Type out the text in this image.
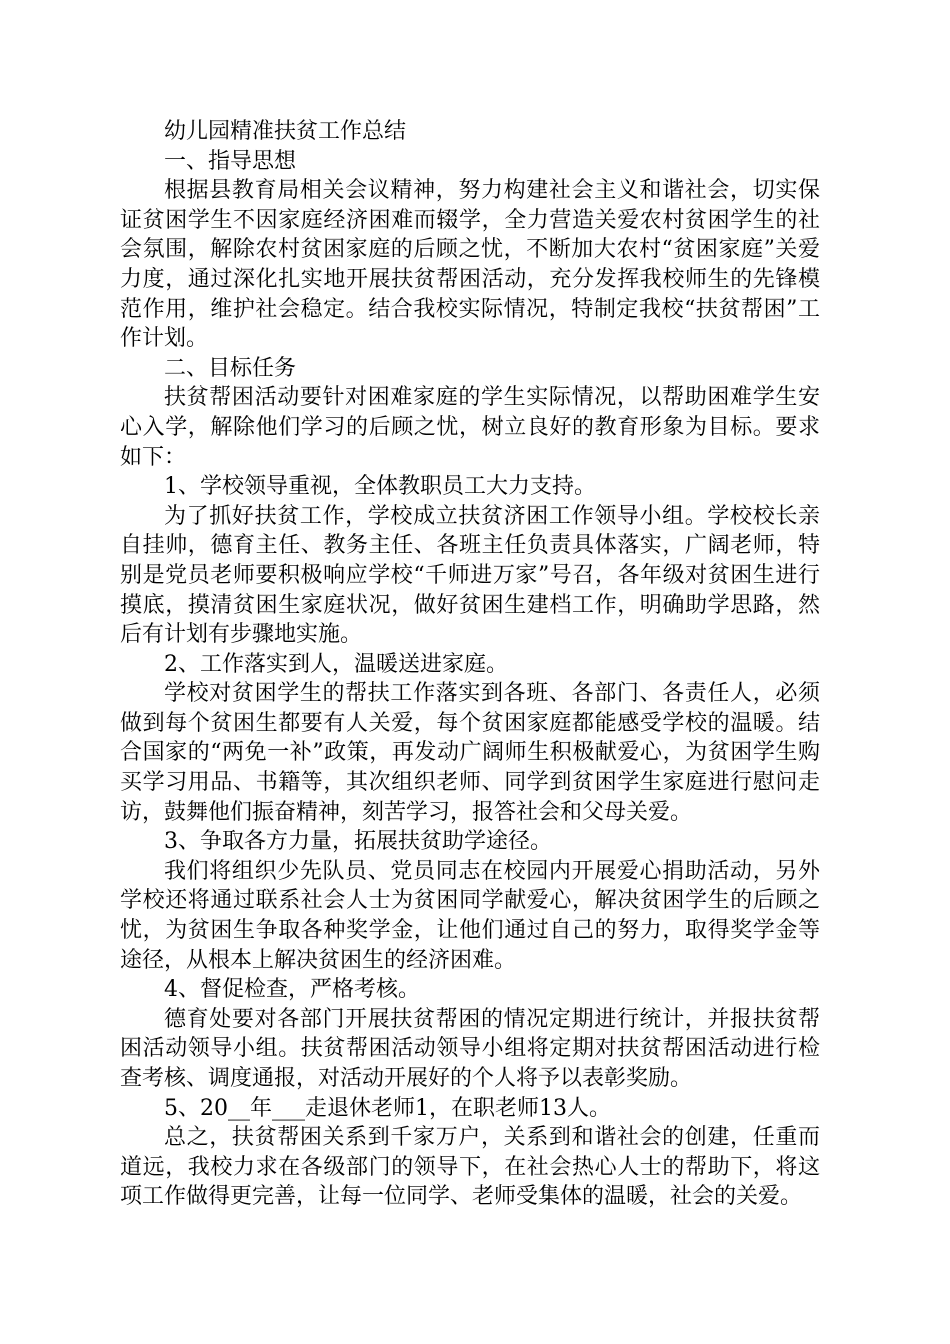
幼儿园精准扶贫工作总结

一、指导思想

根据县教育局相关会议精神，努力构建社会主义和谐社会，切实保证贫困学生不因家庭经济困难而辍学，全力营造关爱农村贫困学生的社会氛围，解除农村贫困家庭的后顾之忧，不断加大农村“贫困家庭”关爱力度，通过深化扎实地开展扶贫帮困活动，充分发挥我校师生的先锋模范作用，维护社会稳定。结合我校实际情况，特制定我校“扶贫帮困”工作计划。

二、目标任务

扶贫帮困活动要针对困难家庭的学生实际情况，以帮助困难学生安心入学，解除他们学习的后顾之忧，树立良好的教育形象为目标。要求如下：

1、学校领导重视，全体教职员工大力支持。

为了抓好扶贫工作，学校成立扶贫济困工作领导小组。学校校长亲自挂帅，德育主任、教务主任、各班主任负责具体落实，广阔老师，特别是党员老师要积极响应学校“千师进万家”号召，各年级对贫困生进行摸底，摸清贫困生家庭状况，做好贫困生建档工作，明确助学思路，然后有计划有步骤地实施。

2、工作落实到人，温暖送进家庭。

学校对贫困学生的帮扶工作落实到各班、各部门、各责任人，必须做到每个贫困生都要有人关爱，每个贫困家庭都能感受学校的温暖。结合国家的“两免一补”政策，再发动广阔师生积极献爱心，为贫困学生购买学习用品、书籍等，其次组织老师、同学到贫困学生家庭进行慰问走访，鼓舞他们振奋精神，刻苦学习，报答社会和父母关爱。

3、争取各方力量，拓展扶贫助学途径。

我们将组织少先队员、党员同志在校园内开展爱心捐助活动，另外学校还将通过联系社会人士为贫困同学献爱心，解决贫困学生的后顾之忧，为贫困生争取各种奖学金，让他们通过自己的努力，取得奖学金等途径，从根本上解决贫困生的经济困难。

4、督促检查，严格考核。

德育处要对各部门开展扶贫帮困的情况定期进行统计，并报扶贫帮困活动领导小组。扶贫帮困活动领导小组将定期对扶贫帮困活动进行检查考核、调度通报，对活动开展好的个人将予以表彰奖励。

5、20__年___走退休老师1，在职老师13人。

总之，扶贫帮困关系到千家万户，关系到和谐社会的创建，任重而道远，我校力求在各级部门的领导下，在社会热心人士的帮助下，将这项工作做得更完善，让每一位同学、老师受集体的温暖，社会的关爱。
